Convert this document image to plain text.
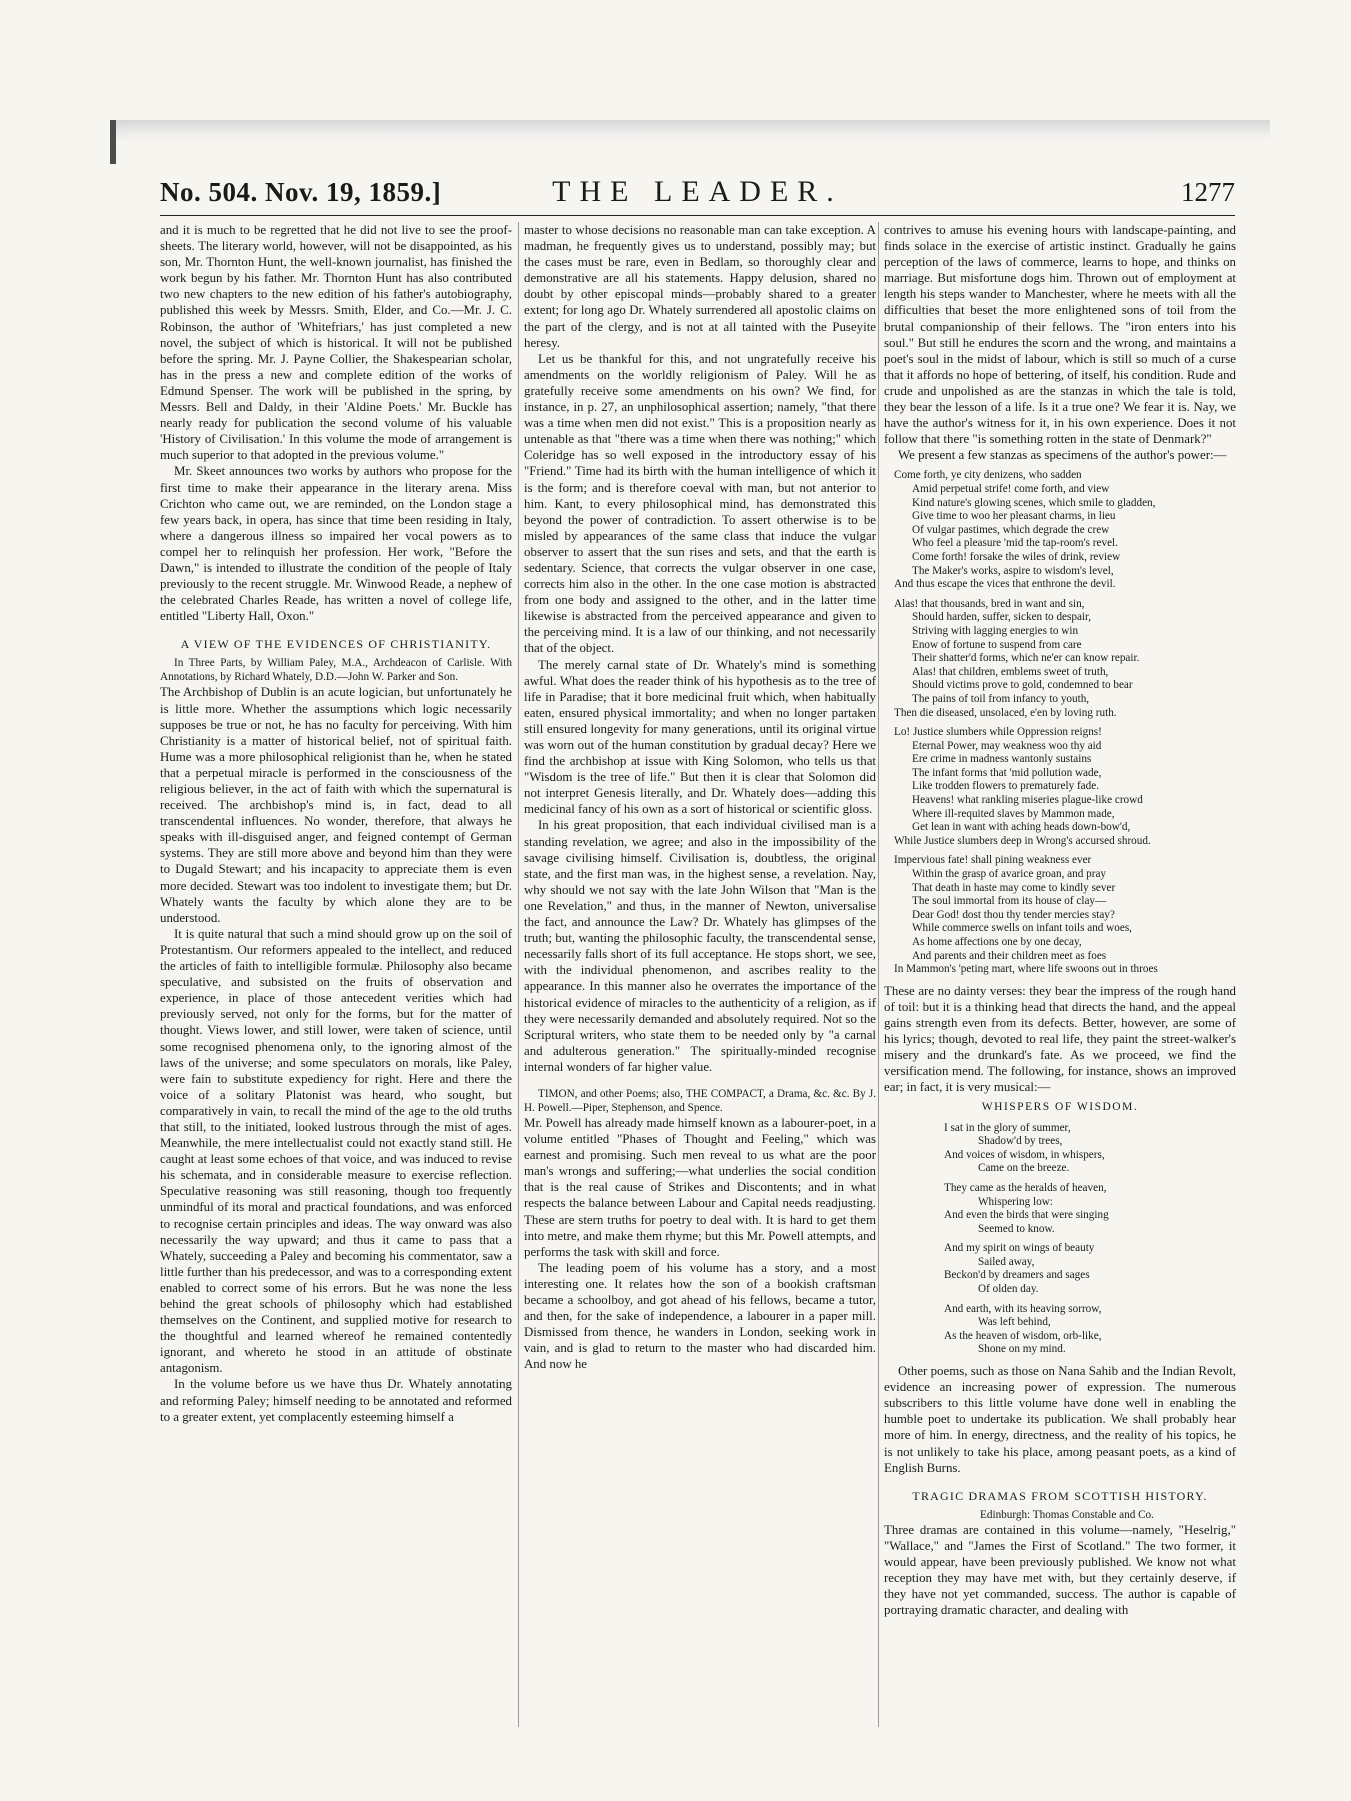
No. 504. Nov. 19, 1859.]	THE LEADER.	1277

and it is much to be regretted that he did not live to see the proof-sheets. The literary world, however, will not be disappointed, as his son, Mr. Thornton Hunt, the well-known journalist, has finished the work begun by his father. Mr. Thornton Hunt has also contributed two new chapters to the new edition of his father's autobiography, published this week by Messrs. Smith, Elder, and Co.—Mr. J. C. Robinson, the author of 'Whitefriars,' has just completed a new novel, the subject of which is historical. It will not be published before the spring. Mr. J. Payne Collier, the Shakespearian scholar, has in the press a new and complete edition of the works of Edmund Spenser. The work will be published in the spring, by Messrs. Bell and Daldy, in their 'Aldine Poets.' Mr. Buckle has nearly ready for publication the second volume of his valuable 'History of Civilisation.' In this volume the mode of arrangement is much superior to that adopted in the previous volume."

Mr. Skeet announces two works by authors who propose for the first time to make their appearance in the literary arena. Miss Crichton who came out, we are reminded, on the London stage a few years back, in opera, has since that time been residing in Italy, where a dangerous illness so impaired her vocal powers as to compel her to relinquish her profession. Her work, "Before the Dawn," is intended to illustrate the condition of the people of Italy previously to the recent struggle. Mr. Winwood Reade, a nephew of the celebrated Charles Reade, has written a novel of college life, entitled "Liberty Hall, Oxon."

A VIEW OF THE EVIDENCES OF CHRISTIANITY.

In Three Parts, by William Paley, M.A., Archdeacon of Carlisle. With Annotations, by Richard Whately, D.D.—John W. Parker and Son.

The Archbishop of Dublin is an acute logician, but unfortunately he is little more. Whether the assumptions which logic necessarily supposes be true or not, he has no faculty for perceiving. With him Christianity is a matter of historical belief, not of spiritual faith. Hume was a more philosophical religionist than he, when he stated that a perpetual miracle is performed in the consciousness of the religious believer, in the act of faith with which the supernatural is received. The archbishop's mind is, in fact, dead to all transcendental influences. No wonder, therefore, that always he speaks with ill-disguised anger, and feigned contempt of German systems. They are still more above and beyond him than they were to Dugald Stewart; and his incapacity to appreciate them is even more decided. Stewart was too indolent to investigate them; but Dr. Whately wants the faculty by which alone they are to be understood.

It is quite natural that such a mind should grow up on the soil of Protestantism. Our reformers appealed to the intellect, and reduced the articles of faith to intelligible formulæ. Philosophy also became speculative, and subsisted on the fruits of observation and experience, in place of those antecedent verities which had previously served, not only for the forms, but for the matter of thought. Views lower, and still lower, were taken of science, until some recognised phenomena only, to the ignoring almost of the laws of the universe; and some speculators on morals, like Paley, were fain to substitute expediency for right. Here and there the voice of a solitary Platonist was heard, who sought, but comparatively in vain, to recall the mind of the age to the old truths that still, to the initiated, looked lustrous through the mist of ages. Meanwhile, the mere intellectualist could not exactly stand still. He caught at least some echoes of that voice, and was induced to revise his schemata, and in considerable measure to exercise reflection. Speculative reasoning was still reasoning, though too frequently unmindful of its moral and practical foundations, and was enforced to recognise certain principles and ideas. The way onward was also necessarily the way upward; and thus it came to pass that a Whately, succeeding a Paley and becoming his commentator, saw a little further than his predecessor, and was to a corresponding extent enabled to correct some of his errors. But he was none the less behind the great schools of philosophy which had established themselves on the Continent, and supplied motive for research to the thoughtful and learned whereof he remained contentedly ignorant, and whereto he stood in an attitude of obstinate antagonism.

In the volume before us we have thus Dr. Whately annotating and reforming Paley; himself needing to be annotated and reformed to a greater extent, yet complacently esteeming himself a

master to whose decisions no reasonable man can take exception. A madman, he frequently gives us to understand, possibly may; but the cases must be rare, even in Bedlam, so thoroughly clear and demonstrative are all his statements. Happy delusion, shared no doubt by other episcopal minds—probably shared to a greater extent; for long ago Dr. Whately surrendered all apostolic claims on the part of the clergy, and is not at all tainted with the Puseyite heresy.

Let us be thankful for this, and not ungratefully receive his amendments on the worldly religionism of Paley. Will he as gratefully receive some amendments on his own? We find, for instance, in p. 27, an unphilosophical assertion; namely, "that there was a time when men did not exist." This is a proposition nearly as untenable as that "there was a time when there was nothing;" which Coleridge has so well exposed in the introductory essay of his "Friend." Time had its birth with the human intelligence of which it is the form; and is therefore coeval with man, but not anterior to him. Kant, to every philosophical mind, has demonstrated this beyond the power of contradiction. To assert otherwise is to be misled by appearances of the same class that induce the vulgar observer to assert that the sun rises and sets, and that the earth is sedentary. Science, that corrects the vulgar observer in one case, corrects him also in the other. In the one case motion is abstracted from one body and assigned to the other, and in the latter time likewise is abstracted from the perceived appearance and given to the perceiving mind. It is a law of our thinking, and not necessarily that of the object.

The merely carnal state of Dr. Whately's mind is something awful. What does the reader think of his hypothesis as to the tree of life in Paradise; that it bore medicinal fruit which, when habitually eaten, ensured physical immortality; and when no longer partaken still ensured longevity for many generations, until its original virtue was worn out of the human constitution by gradual decay? Here we find the archbishop at issue with King Solomon, who tells us that "Wisdom is the tree of life." But then it is clear that Solomon did not interpret Genesis literally, and Dr. Whately does—adding this medicinal fancy of his own as a sort of historical or scientific gloss.

In his great proposition, that each individual civilised man is a standing revelation, we agree; and also in the impossibility of the savage civilising himself. Civilisation is, doubtless, the original state, and the first man was, in the highest sense, a revelation. Nay, why should we not say with the late John Wilson that "Man is the one Revelation," and thus, in the manner of Newton, universalise the fact, and announce the Law? Dr. Whately has glimpses of the truth; but, wanting the philosophic faculty, the transcendental sense, necessarily falls short of its full acceptance. He stops short, we see, with the individual phenomenon, and ascribes reality to the appearance. In this manner also he overrates the importance of the historical evidence of miracles to the authenticity of a religion, as if they were necessarily demanded and absolutely required. Not so the Scriptural writers, who state them to be needed only by "a carnal and adulterous generation." The spiritually-minded recognise internal wonders of far higher value.

TIMON, and other Poems; also, THE COMPACT, a Drama, &c. &c. By J. H. Powell.—Piper, Stephenson, and Spence.

Mr. Powell has already made himself known as a labourer-poet, in a volume entitled "Phases of Thought and Feeling," which was earnest and promising. Such men reveal to us what are the poor man's wrongs and suffering;—what underlies the social condition that is the real cause of Strikes and Discontents; and in what respects the balance between Labour and Capital needs readjusting. These are stern truths for poetry to deal with. It is hard to get them into metre, and make them rhyme; but this Mr. Powell attempts, and performs the task with skill and force.

The leading poem of his volume has a story, and a most interesting one. It relates how the son of a bookish craftsman became a schoolboy, and got ahead of his fellows, became a tutor, and then, for the sake of independence, a labourer in a paper mill. Dismissed from thence, he wanders in London, seeking work in vain, and is glad to return to the master who had discarded him. And now he

contrives to amuse his evening hours with landscape-painting, and finds solace in the exercise of artistic instinct. Gradually he gains perception of the laws of commerce, learns to hope, and thinks on marriage. But misfortune dogs him. Thrown out of employment at length his steps wander to Manchester, where he meets with all the difficulties that beset the more enlightened sons of toil from the brutal companionship of their fellows. The "iron enters into his soul." But still he endures the scorn and the wrong, and maintains a poet's soul in the midst of labour, which is still so much of a curse that it affords no hope of bettering, of itself, his condition. Rude and crude and unpolished as are the stanzas in which the tale is told, they bear the lesson of a life. Is it a true one? We fear it is. Nay, we have the author's witness for it, in his own experience. Does it not follow that there "is something rotten in the state of Denmark?"

We present a few stanzas as specimens of the author's power:—

Come forth, ye city denizens, who sadden
Amid perpetual strife! come forth, and view
Kind nature's glowing scenes, which smile to gladden,
Give time to woo her pleasant charms, in lieu
Of vulgar pastimes, which degrade the crew
Who feel a pleasure 'mid the tap-room's revel.
Come forth! forsake the wiles of drink, review
The Maker's works, aspire to wisdom's level,
And thus escape the vices that enthrone the devil.
Alas! that thousands, bred in want and sin,
Should harden, suffer, sicken to despair,
Striving with lagging energies to win
Enow of fortune to suspend from care
Their shatter'd forms, which ne'er can know repair.
Alas! that children, emblems sweet of truth,
Should victims prove to gold, condemned to bear
The pains of toil from infancy to youth,
Then die diseased, unsolaced, e'en by loving ruth.
Lo! Justice slumbers while Oppression reigns!
Eternal Power, may weakness woo thy aid
Ere crime in madness wantonly sustains
The infant forms that 'mid pollution wade,
Like trodden flowers to prematurely fade.
Heavens! what rankling miseries plague-like crowd
Where ill-requited slaves by Mammon made,
Get lean in want with aching heads down-bow'd,
While Justice slumbers deep in Wrong's accursed shroud.
Impervious fate! shall pining weakness ever
Within the grasp of avarice groan, and pray
That death in haste may come to kindly sever
The soul immortal from its house of clay—
Dear God! dost thou thy tender mercies stay?
While commerce swells on infant toils and woes,
As home affections one by one decay,
And parents and their children meet as foes
In Mammon's 'peting mart, where life swoons out in throes

These are no dainty verses: they bear the impress of the rough hand of toil: but it is a thinking head that directs the hand, and the appeal gains strength even from its defects. Better, however, are some of his lyrics; though, devoted to real life, they paint the street-walker's misery and the drunkard's fate. As we proceed, we find the versification mend. The following, for instance, shows an improved ear; in fact, it is very musical:—

WHISPERS OF WISDOM.
I sat in the glory of summer,
Shadow'd by trees,
And voices of wisdom, in whispers,
Came on the breeze.
They came as the heralds of heaven,
Whispering low:
And even the birds that were singing
Seemed to know.
And my spirit on wings of beauty
Sailed away,
Beckon'd by dreamers and sages
Of olden day.
And earth, with its heaving sorrow,
Was left behind,
As the heaven of wisdom, orb-like,
Shone on my mind.

Other poems, such as those on Nana Sahib and the Indian Revolt, evidence an increasing power of expression. The numerous subscribers to this little volume have done well in enabling the humble poet to undertake its publication. We shall probably hear more of him. In energy, directness, and the reality of his topics, he is not unlikely to take his place, among peasant poets, as a kind of English Burns.

TRAGIC DRAMAS FROM SCOTTISH HISTORY.

Edinburgh: Thomas Constable and Co.

Three dramas are contained in this volume—namely, "Heselrig," "Wallace," and "James the First of Scotland." The two former, it would appear, have been previously published. We know not what reception they may have met with, but they certainly deserve, if they have not yet commanded, success. The author is capable of portraying dramatic character, and dealing with
